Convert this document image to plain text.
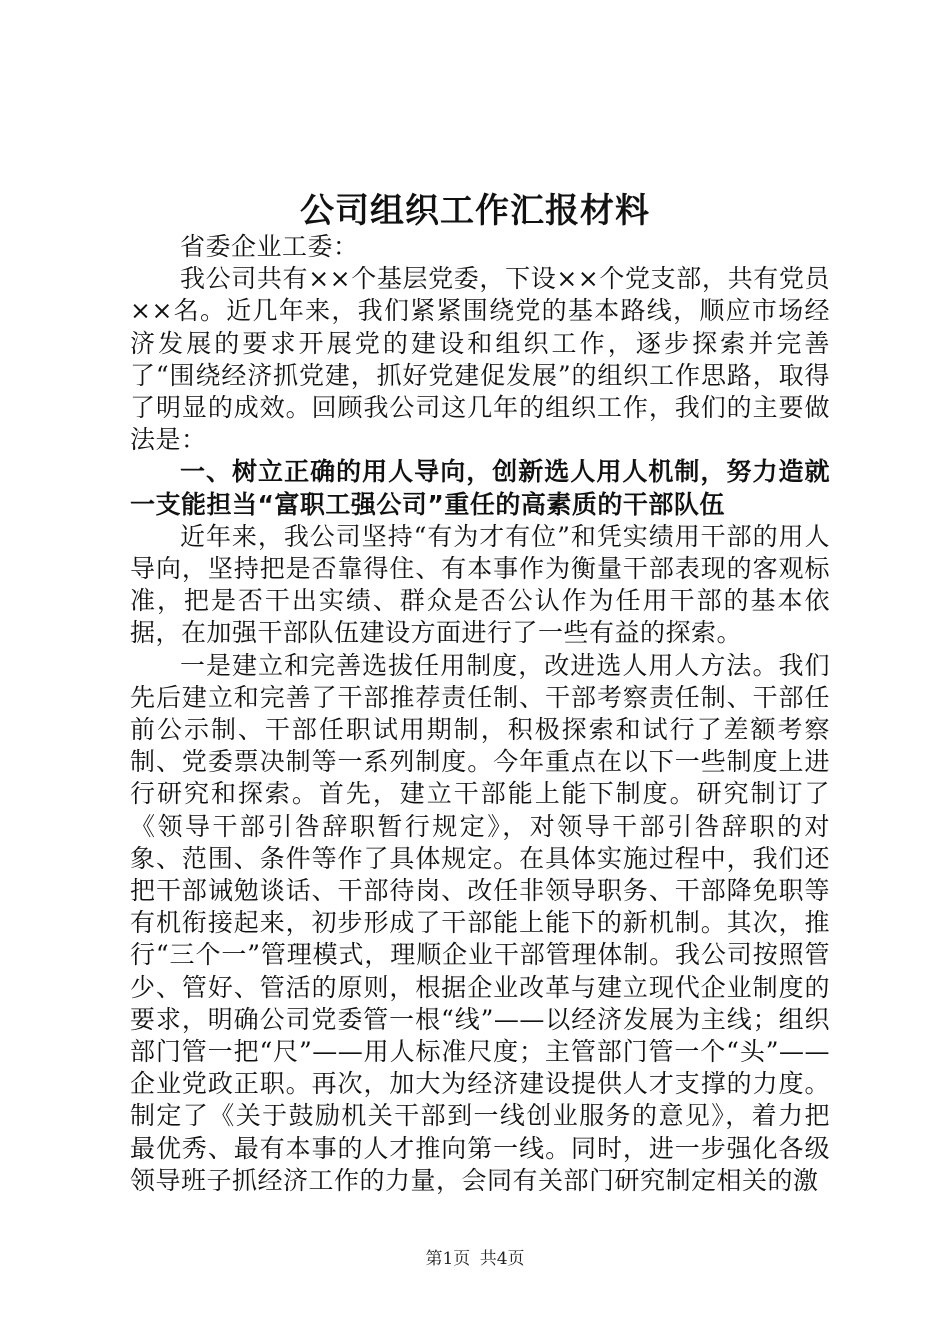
公司组织工作汇报材料

省委企业工委：

我公司共有××个基层党委，下设××个党支部，共有党员××名。近几年来，我们紧紧围绕党的基本路线，顺应市场经济发展的要求开展党的建设和组织工作，逐步探索并完善了“围绕经济抓党建，抓好党建促发展”的组织工作思路，取得了明显的成效。回顾我公司这几年的组织工作，我们的主要做法是：

一、树立正确的用人导向，创新选人用人机制，努力造就一支能担当“富职工强公司”重任的高素质的干部队伍

近年来，我公司坚持“有为才有位”和凭实绩用干部的用人导向，坚持把是否靠得住、有本事作为衡量干部表现的客观标准，把是否干出实绩、群众是否公认作为任用干部的基本依据，在加强干部队伍建设方面进行了一些有益的探索。

一是建立和完善选拔任用制度，改进选人用人方法。我们先后建立和完善了干部推荐责任制、干部考察责任制、干部任前公示制、干部任职试用期制，积极探索和试行了差额考察制、党委票决制等一系列制度。今年重点在以下一些制度上进行研究和探索。首先，建立干部能上能下制度。研究制订了《领导干部引咎辞职暂行规定》，对领导干部引咎辞职的对象、范围、条件等作了具体规定。在具体实施过程中，我们还把干部诫勉谈话、干部待岗、改任非领导职务、干部降免职等有机衔接起来，初步形成了干部能上能下的新机制。其次，推行“三个一”管理模式，理顺企业干部管理体制。我公司按照管少、管好、管活的原则，根据企业改革与建立现代企业制度的要求，明确公司党委管一根“线”——以经济发展为主线；组织部门管一把“尺”——用人标准尺度；主管部门管一个“头”——企业党政正职。再次，加大为经济建设提供人才支撑的力度。制定了《关于鼓励机关干部到一线创业服务的意见》，着力把最优秀、最有本事的人才推向第一线。同时，进一步强化各级领导班子抓经济工作的力量，会同有关部门研究制定相关的激

第1页 共4页
